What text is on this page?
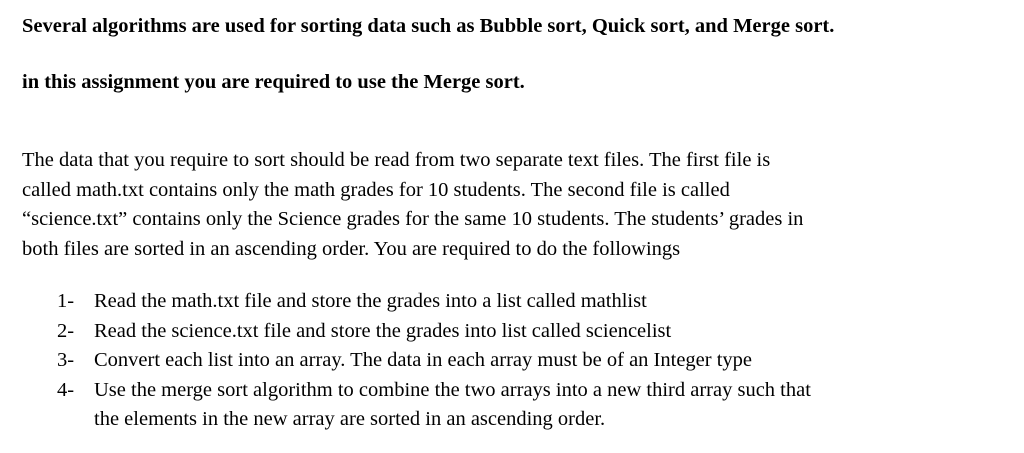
Several algorithms are used for sorting data such as Bubble sort, Quick sort, and Merge sort.
in this assignment you are required to use the Merge sort.
The data that you require to sort should be read from two separate text files. The first file is
called math.txt contains only the math grades for 10 students. The second file is called
“science.txt” contains only the Science grades for the same 10 students. The students’ grades in
both files are sorted in an ascending order. You are required to do the followings
1- Read the math.txt file and store the grades into a list called mathlist
2- Read the science.txt file and store the grades into list called sciencelist
3- Convert each list into an array. The data in each array must be of an Integer type
4- Use the merge sort algorithm to combine the two arrays into a new third array such that
the elements in the new array are sorted in an ascending order.
